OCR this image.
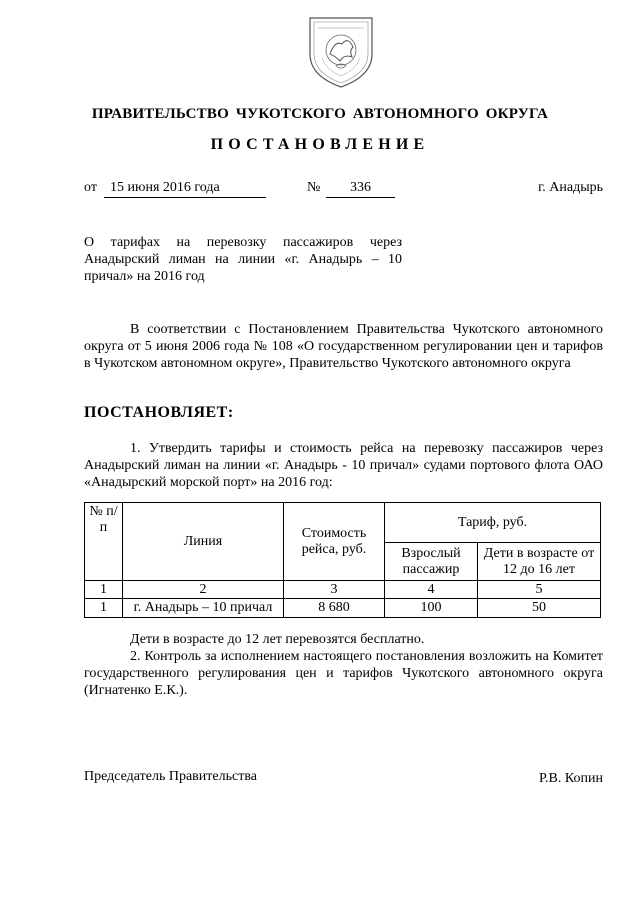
ПРАВИТЕЛЬСТВО ЧУКОТСКОГО АВТОНОМНОГО ОКРУГА
ПОСТАНОВЛЕНИЕ
от 15 июня 2016 года	№	336	г. Анадырь
О тарифах на перевозку пассажиров через Анадырский лиман на линии «г. Анадырь – 10 причал» на 2016 год

В соответствии с Постановлением Правительства Чукотского автономного округа от 5 июня 2006 года № 108 «О государственном регулировании цен и тарифов в Чукотском автономном округе», Правительство Чукотского автономного округа

ПОСТАНОВЛЯЕТ:

1. Утвердить тарифы и стоимость рейса на перевозку пассажиров через Анадырский лиман на линии «г. Анадырь - 10 причал» судами портового флота ОАО «Анадырский морской порт» на 2016 год:

№ п/п	Линия	Стоимость рейса, руб.	Тариф, руб.	
			Взрослый пассажир	Дети в возрасте от 12 до 16 лет
1	2	3	4	5
1	г. Анадырь – 10 причал	8 680	100	50

Дети в возрасте до 12 лет перевозятся бесплатно.

2. Контроль за исполнением настоящего постановления возложить на Комитет государственного регулирования цен и тарифов Чукотского автономного округа (Игнатенко Е.К.).

Председатель Правительства	Р.В. Копин
